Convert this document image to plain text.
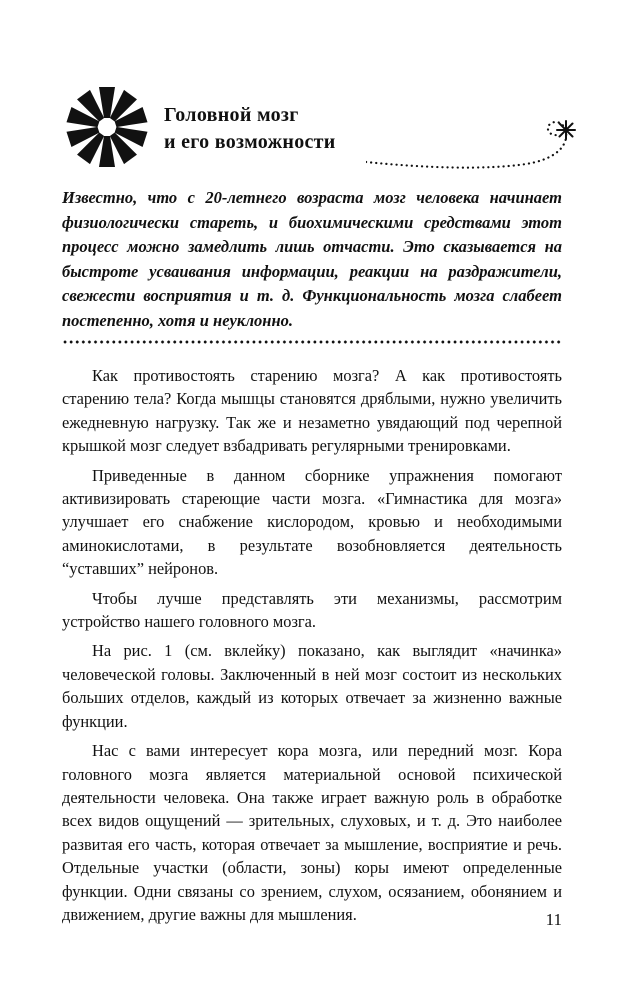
Головной мозг
и его возможности

Известно, что с 20-летнего возраста мозг человека начинает физиологически стареть, и биохимическими средствами этот процесс можно замедлить лишь отчасти. Это сказывается на быстроте усваивания информации, реакции на раздражители, свежести восприятия и т. д. Функциональность мозга слабеет постепенно, хотя и неуклонно.

Как противостоять старению мозга? А как противостоять старению тела? Когда мышцы становятся дряблыми, нужно увеличить ежедневную нагрузку. Так же и незаметно увядающий под черепной крышкой мозг следует взбадривать регулярными тренировками.

Приведенные в данном сборнике упражнения помогают активизировать стареющие части мозга. «Гимнастика для мозга» улучшает его снабжение кислородом, кровью и необходимыми аминокислотами, в результате возобновляется деятельность “уставших” нейронов.

Чтобы лучше представлять эти механизмы, рассмотрим устройство нашего головного мозга.

На рис. 1 (см. вклейку) показано, как выглядит «начинка» человеческой головы. Заключенный в ней мозг состоит из нескольких больших отделов, каждый из которых отвечает за жизненно важные функции.

Нас с вами интересует кора мозга, или передний мозг. Кора головного мозга является материальной основой психической деятельности человека. Она также играет важную роль в обработке всех видов ощущений — зрительных, слуховых, и т. д. Это наиболее развитая его часть, которая отвечает за мышление, восприятие и речь. Отдельные участки (области, зоны) коры имеют определенные функции. Одни связаны со зрением, слухом, осязанием, обонянием и движением, другие важны для мышления.	11
